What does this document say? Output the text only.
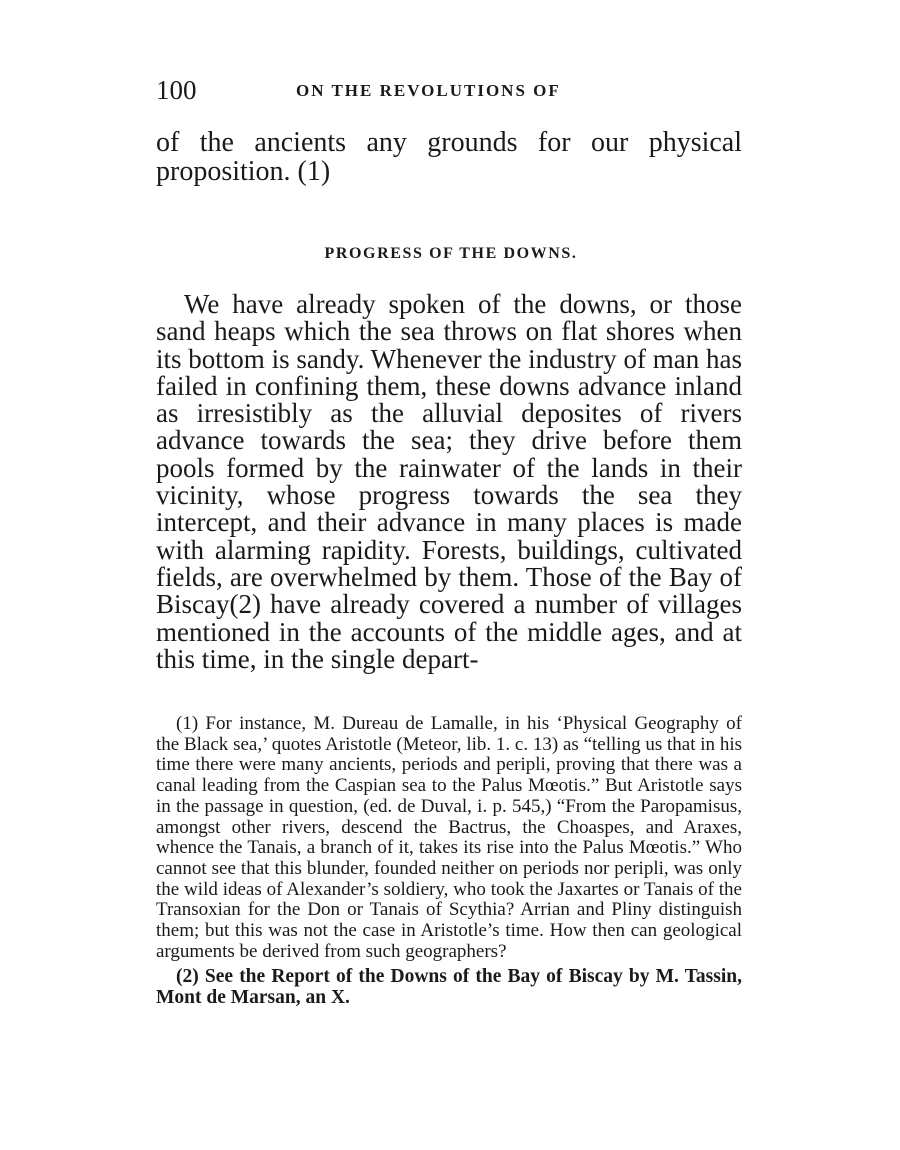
100	ON THE REVOLUTIONS OF

of the ancients any grounds for our physical proposition. (1)

PROGRESS OF THE DOWNS.

We have already spoken of the downs, or those sand heaps which the sea throws on flat shores when its bottom is sandy. Whenever the industry of man has failed in confining them, these downs advance inland as irresistibly as the alluvial deposites of rivers advance towards the sea; they drive before them pools formed by the rainwater of the lands in their vicinity, whose progress towards the sea they intercept, and their advance in many places is made with alarming rapidity. Forests, buildings, cultivated fields, are overwhelmed by them. Those of the Bay of Biscay(2) have already covered a number of villages mentioned in the accounts of the middle ages, and at this time, in the single depart-

(1) For instance, M. Dureau de Lamalle, in his ‘Physical Geography of the Black sea,’ quotes Aristotle (Meteor, lib. 1. c. 13) as “telling us that in his time there were many ancients, periods and peripli, proving that there was a canal leading from the Caspian sea to the Palus Mœotis.” But Aristotle says in the passage in question, (ed. de Duval, i. p. 545,) “From the Paropamisus, amongst other rivers, descend the Bactrus, the Choaspes, and Araxes, whence the Tanais, a branch of it, takes its rise into the Palus Mœotis.” Who cannot see that this blunder, founded neither on periods nor peripli, was only the wild ideas of Alexander’s soldiery, who took the Jaxartes or Tanais of the Transoxian for the Don or Tanais of Scythia? Arrian and Pliny distinguish them; but this was not the case in Aristotle’s time. How then can geological arguments be derived from such geographers?

(2) See the Report of the Downs of the Bay of Biscay by M. Tassin, Mont de Marsan, an X.
